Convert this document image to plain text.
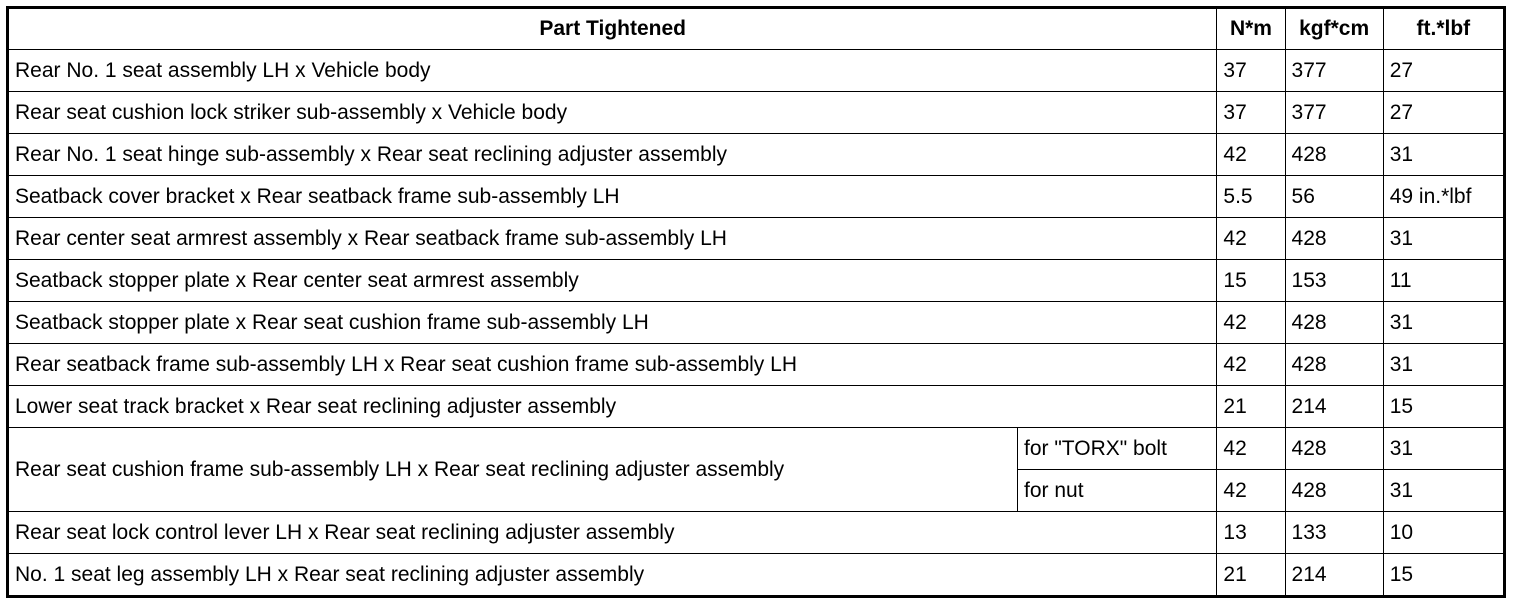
Part Tightened		N*m	kgf*cm	ft.*lbf
Rear No. 1 seat assembly LH x Vehicle body		37	377	27
Rear seat cushion lock striker sub-assembly x Vehicle body		37	377	27
Rear No. 1 seat hinge sub-assembly x Rear seat reclining adjuster assembly		42	428	31
Seatback cover bracket x Rear seatback frame sub-assembly LH		5.5	56	49 in.*lbf
Rear center seat armrest assembly x Rear seatback frame sub-assembly LH		42	428	31
Seatback stopper plate x Rear center seat armrest assembly		15	153	11
Seatback stopper plate x Rear seat cushion frame sub-assembly LH		42	428	31
Rear seatback frame sub-assembly LH x Rear seat cushion frame sub-assembly LH		42	428	31
Lower seat track bracket x Rear seat reclining adjuster assembly		21	214	15
Rear seat cushion frame sub-assembly LH x Rear seat reclining adjuster assembly	for "TORX" bolt	42	428	31
	for nut	42	428	31
Rear seat lock control lever LH x Rear seat reclining adjuster assembly		13	133	10
No. 1 seat leg assembly LH x Rear seat reclining adjuster assembly		21	214	15
